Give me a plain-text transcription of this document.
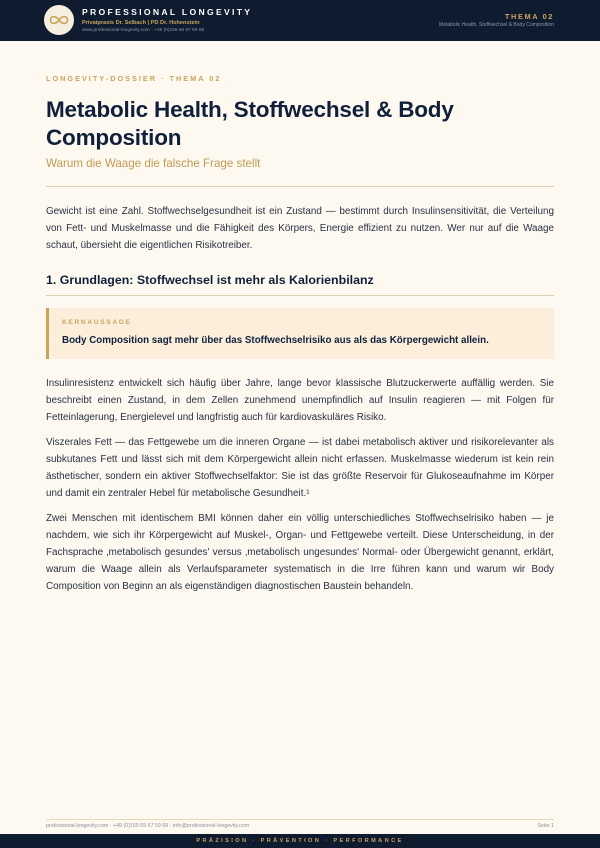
PROFESSIONAL LONGEVITY
Privatpraxis Dr. Selbach | PD Dr. Hohenstein
www.professional-longevity.com · +49 (0)155 65 67 59 69
THEMA 02
Metabolic Health, Stoffwechsel & Body Composition
LONGEVITY-DOSSIER · THEMA 02
Metabolic Health, Stoffwechsel & Body Composition
Warum die Waage die falsche Frage stellt

Gewicht ist eine Zahl. Stoffwechselgesundheit ist ein Zustand — bestimmt durch Insulinsensitivität, die Verteilung von Fett- und Muskelmasse und die Fähigkeit des Körpers, Energie effizient zu nutzen. Wer nur auf die Waage schaut, übersieht die eigentlichen Risikotreiber.

1. Grundlagen: Stoffwechsel ist mehr als Kalorienbilanz
KERNAUSSAGE
Body Composition sagt mehr über das Stoffwechselrisiko aus als das Körpergewicht allein.

Insulinresistenz entwickelt sich häufig über Jahre, lange bevor klassische Blutzuckerwerte auffällig werden. Sie beschreibt einen Zustand, in dem Zellen zunehmend unempfindlich auf Insulin reagieren — mit Folgen für Fetteinlagerung, Energielevel und langfristig auch für kardiovaskuläres Risiko.

Viszerales Fett — das Fettgewebe um die inneren Organe — ist dabei metabolisch aktiver und risikorelevanter als subkutanes Fett und lässt sich mit dem Körpergewicht allein nicht erfassen. Muskelmasse wiederum ist kein rein ästhetischer, sondern ein aktiver Stoffwechselfaktor: Sie ist das größte Reservoir für Glukoseaufnahme im Körper und damit ein zentraler Hebel für metabolische Gesundheit.¹

Zwei Menschen mit identischem BMI können daher ein völlig unterschiedliches Stoffwechselrisiko haben — je nachdem, wie sich ihr Körpergewicht auf Muskel-, Organ- und Fettgewebe verteilt. Diese Unterscheidung, in der Fachsprache ‚metabolisch gesundes' versus ‚metabolisch ungesundes' Normal- oder Übergewicht genannt, erklärt, warum die Waage allein als Verlaufsparameter systematisch in die Irre führen kann und warum wir Body Composition von Beginn an als eigenständigen diagnostischen Baustein behandeln.

professional-longevity.com · +49 (0)155 65 67 59 69 · info@professional-longevity.com	Seite 1
PRÄZISION · PRÄVENTION · PERFORMANCE
